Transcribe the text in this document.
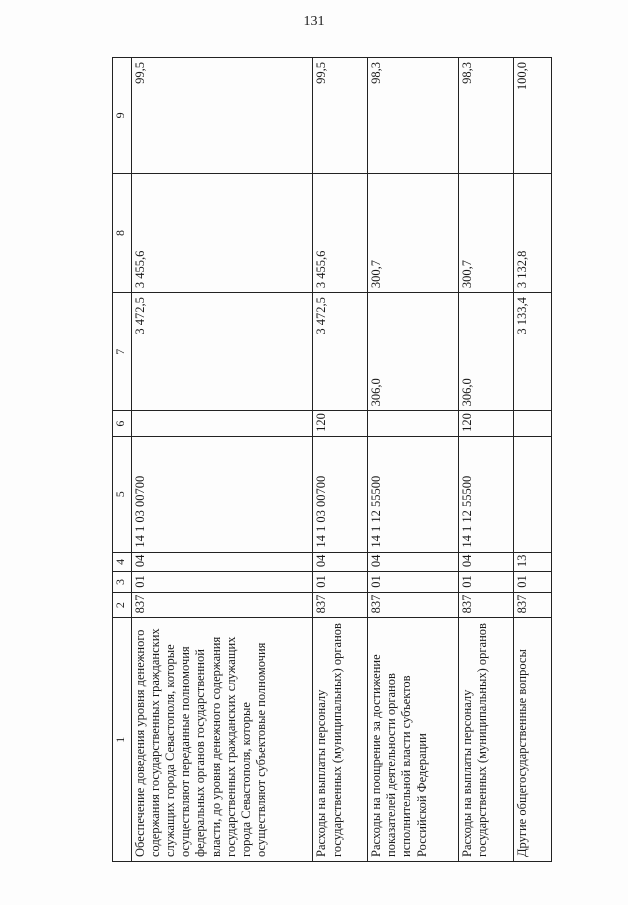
131
1	2	3	4	5	6	7	8	9
Обеспечение доведения уровня денежного содержания государственных гражданских служащих города Севастополя, которые осуществляют переданные полномочия федеральных органов государственной власти, до уровня денежного содержания государственных гражданских служащих города Севастополя, которые осуществляют субъектовые полномочия	837	01	04	14 1 03 00700		3 472,5	3 455,6	99,5
Расходы на выплаты персоналу государственных (муниципальных) органов	837	01	04	14 1 03 00700	120	3 472,5	3 455,6	99,5
Расходы на поощрение за достижение показателей деятельности органов исполнительной власти субъектов Российской Федерации	837	01	04	14 1 12 55500		306,0	300,7	98,3
Расходы на выплаты персоналу государственных (муниципальных) органов	837	01	04	14 1 12 55500	120	306,0	300,7	98,3
Другие общегосударственные вопросы	837	01	13			3 133,4	3 132,8	100,0
